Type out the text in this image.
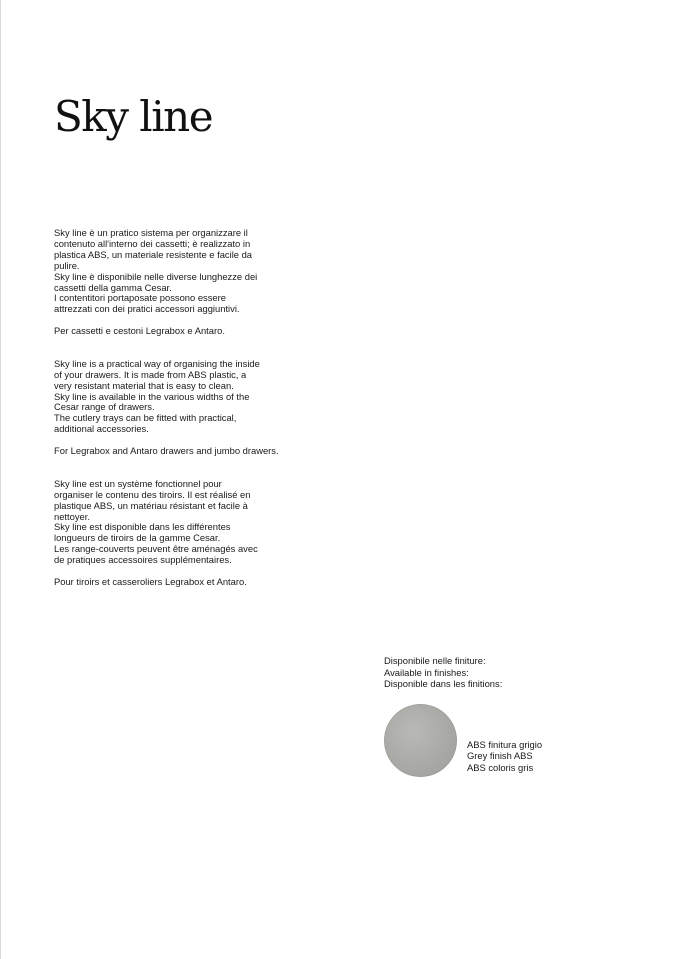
Sky line

Sky line è un pratico sistema per organizzare il
contenuto all'interno dei cassetti; è realizzato in
plastica ABS, un materiale resistente e facile da
pulire.
Sky line è disponibile nelle diverse lunghezze dei
cassetti della gamma Cesar.
I contentitori portaposate possono essere
attrezzati con dei pratici accessori aggiuntivi.

Per cassetti e cestoni Legrabox e Antaro.

Sky line is a practical way of organising the inside
of your drawers. It is made from ABS plastic, a
very resistant material that is easy to clean.
Sky line is available in the various widths of the
Cesar range of drawers.
The cutlery trays can be fitted with practical,
additional accessories.

For Legrabox and Antaro drawers and jumbo drawers.

Sky line est un système fonctionnel pour
organiser le contenu des tiroirs. Il est réalisé en
plastique ABS, un matériau résistant et facile à
nettoyer.
Sky line est disponible dans les différentes
longueurs de tiroirs de la gamme Cesar.
Les range-couverts peuvent être aménagés avec
de pratiques accessoires supplémentaires.

Pour tiroirs et casseroliers Legrabox et Antaro.

Disponibile nelle finiture:
Available in finishes:
Disponible dans les finitions:

ABS finitura grigio
Grey finish ABS
ABS coloris gris
